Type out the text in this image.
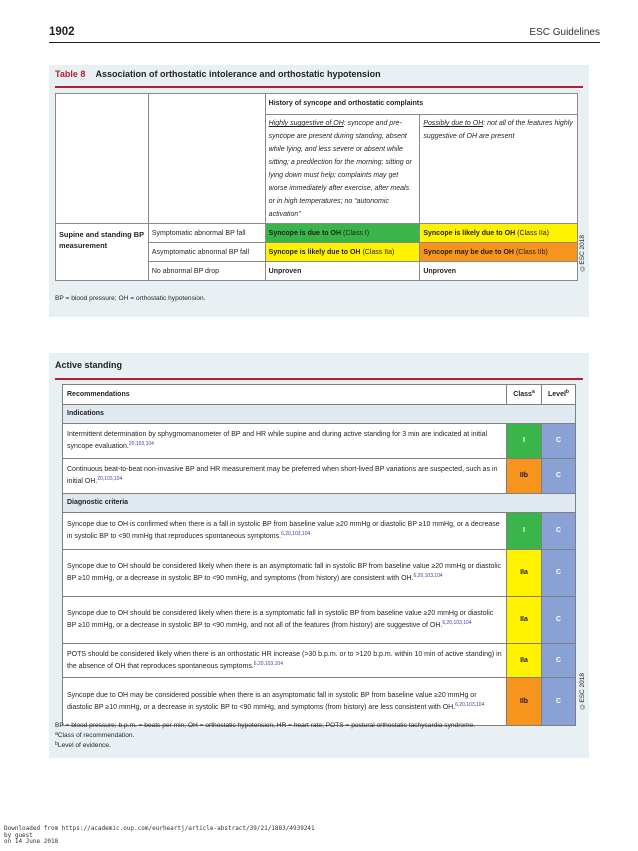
1902	ESC Guidelines
Table 8 Association of orthostatic intolerance and orthostatic hypotension
		History of syncope and orthostatic complaints	
		Highly suggestive of OH: syncope and pre-syncope are present during standing, absent while lying, and less severe or absent while sitting; a predilection for the morning; sitting or lying down must help; complaints may get worse immediately after exercise, after meals or in high temperatures; no “autonomic activation”	Possibly due to OH: not all of the features highly suggestive of OH are present
Supine and standing BP measurement	Symptomatic abnormal BP fall	Syncope is due to OH (Class I)	Syncope is likely due to OH (Class IIa)
	Asymptomatic abnormal BP fall	Syncope is likely due to OH (Class IIa)	Syncope may be due to OH (Class IIb)
	No abnormal BP drop	Unproven	Unproven
BP = blood pressure; OH = orthostatic hypotension.
©ESC 2018
Active standing
Recommendations	Class$^a$	Level$^b$
Indications		
Intermittent determination by sphygmomanometer of BP and HR while supine and during active standing for 3 min are indicated at initial syncope evaluation.$^{20,103,104}$	I	C
Continuous beat-to-beat non-invasive BP and HR measurement may be preferred when short-lived BP variations are suspected, such as in initial OH.$^{20,103,104}$	IIb	C
Diagnostic criteria		
Syncope due to OH is confirmed when there is a fall in systolic BP from baseline value ≥20 mmHg or diastolic BP ≥10 mmHg, or a decrease in systolic BP to <90 mmHg that reproduces spontaneous symptoms.$^{6,20,103,104}$	I	C
Syncope due to OH should be considered likely when there is an asymptomatic fall in systolic BP from baseline value ≥20 mmHg or diastolic BP ≥10 mmHg, or a decrease in systolic BP to <90 mmHg, and symptoms (from history) are consistent with OH.$^{6,20,103,104}$	IIa	C
Syncope due to OH should be considered likely when there is a symptomatic fall in systolic BP from baseline value ≥20 mmHg or diastolic BP ≥10 mmHg, or a decrease in systolic BP to <90 mmHg, and not all of the features (from history) are suggestive of OH.$^{6,20,103,104}$	IIa	C
POTS should be considered likely when there is an orthostatic HR increase (>30 b.p.m. or to >120 b.p.m. within 10 min of active standing) in the absence of OH that reproduces spontaneous symptoms.$^{6,20,103,104}$	IIa	C
Syncope due to OH may be considered possible when there is an asymptomatic fall in systolic BP from baseline value ≥20 mmHg or diastolic BP ≥10 mmHg, or a decrease in systolic BP to <90 mmHg, and symptoms (from history) are less consistent with OH.$^{6,20,103,104}$	IIb	C
BP = blood pressure; b.p.m. = beats per min; OH = orthostatic hypotension; HR = heart rate; POTS = postural orthostatic tachycardia syndrome.
$^a$Class of recommendation.
$^b$Level of evidence.
©ESC 2018
Downloaded from https://academic.oup.com/eurheartj/article-abstract/39/21/1883/4939241
by guest
on 14 June 2018
